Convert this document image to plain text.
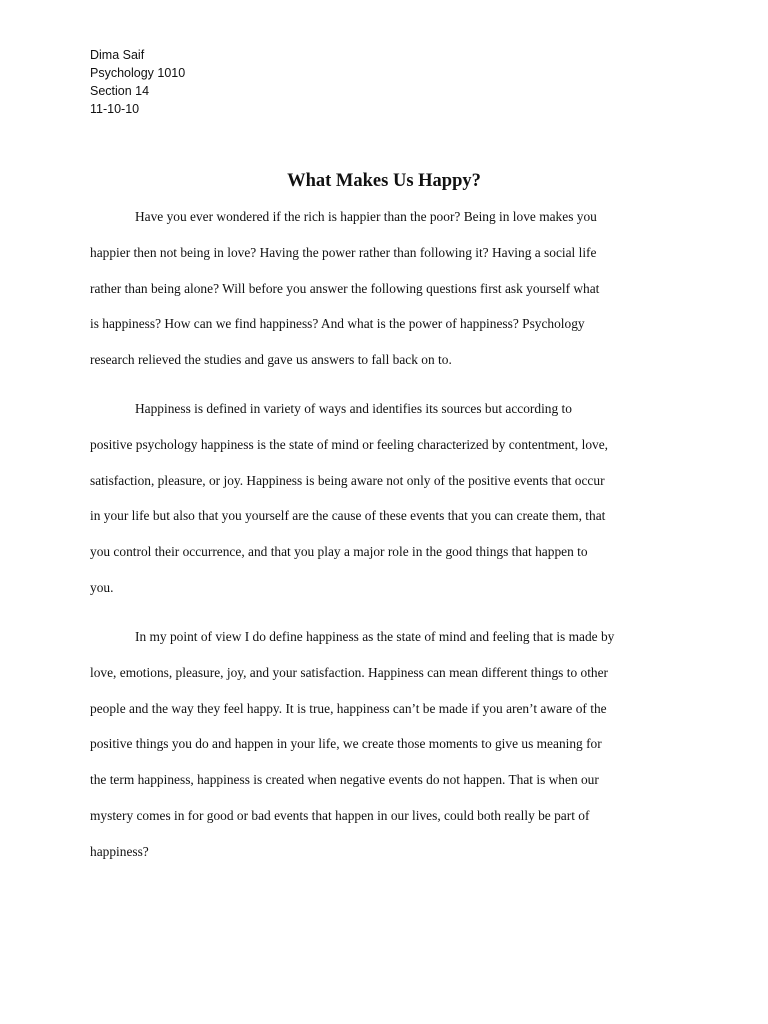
Dima Saif
Psychology 1010
Section 14
11-10-10
What Makes Us Happy?

Have you ever wondered if the rich is happier than the poor? Being in love makes you
happier then not being in love? Having the power rather than following it? Having a social life
rather than being alone? Will before you answer the following questions first ask yourself what
is happiness? How can we find happiness? And what is the power of happiness? Psychology
research relieved the studies and gave us answers to fall back on to.

Happiness is defined in variety of ways and identifies its sources but according to
positive psychology happiness is the state of mind or feeling characterized by contentment, love,
satisfaction, pleasure, or joy. Happiness is being aware not only of the positive events that occur
in your life but also that you yourself are the cause of these events that you can create them, that
you control their occurrence, and that you play a major role in the good things that happen to
you.

In my point of view I do define happiness as the state of mind and feeling that is made by
love, emotions, pleasure, joy, and your satisfaction. Happiness can mean different things to other
people and the way they feel happy. It is true, happiness can’t be made if you aren’t aware of the
positive things you do and happen in your life, we create those moments to give us meaning for
the term happiness, happiness is created when negative events do not happen. That is when our
mystery comes in for good or bad events that happen in our lives, could both really be part of
happiness?
